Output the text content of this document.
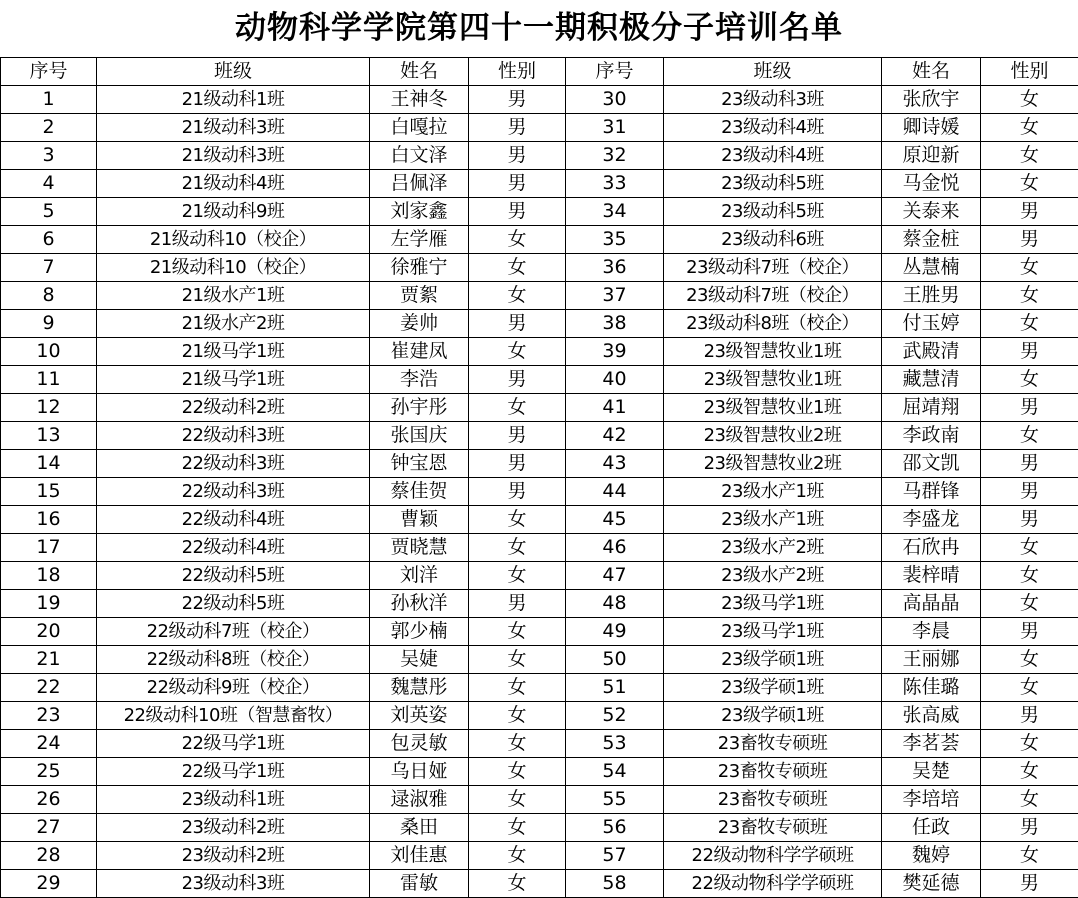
动物科学学院第四十一期积极分子培训名单
序号	班级	姓名	性别	序号	班级	姓名	性别
1	21级动科1班	王神冬	男	30	23级动科3班	张欣宇	女
2	21级动科3班	白嘎拉	男	31	23级动科4班	卿诗媛	女
3	21级动科3班	白文泽	男	32	23级动科4班	原迎新	女
4	21级动科4班	吕佩泽	男	33	23级动科5班	马金悦	女
5	21级动科9班	刘家鑫	男	34	23级动科5班	关泰来	男
6	21级动科10（校企）	左学雁	女	35	23级动科6班	蔡金桩	男
7	21级动科10（校企）	徐雅宁	女	36	23级动科7班（校企）	丛慧楠	女
8	21级水产1班	贾絮	女	37	23级动科7班（校企）	王胜男	女
9	21级水产2班	姜帅	男	38	23级动科8班（校企）	付玉婷	女
10	21级马学1班	崔建凤	女	39	23级智慧牧业1班	武殿清	男
11	21级马学1班	李浩	男	40	23级智慧牧业1班	藏慧清	女
12	22级动科2班	孙宇彤	女	41	23级智慧牧业1班	屈靖翔	男
13	22级动科3班	张国庆	男	42	23级智慧牧业2班	李政南	女
14	22级动科3班	钟宝恩	男	43	23级智慧牧业2班	邵文凯	男
15	22级动科3班	蔡佳贺	男	44	23级水产1班	马群锋	男
16	22级动科4班	曹颖	女	45	23级水产1班	李盛龙	男
17	22级动科4班	贾晓慧	女	46	23级水产2班	石欣冉	女
18	22级动科5班	刘洋	女	47	23级水产2班	裴梓晴	女
19	22级动科5班	孙秋洋	男	48	23级马学1班	高晶晶	女
20	22级动科7班（校企）	郭少楠	女	49	23级马学1班	李晨	男
21	22级动科8班（校企）	吴婕	女	50	23级学硕1班	王丽娜	女
22	22级动科9班（校企）	魏慧彤	女	51	23级学硕1班	陈佳璐	女
23	22级动科10班（智慧畜牧）	刘英姿	女	52	23级学硕1班	张高威	男
24	22级马学1班	包灵敏	女	53	23畜牧专硕班	李茗荟	女
25	22级马学1班	乌日娅	女	54	23畜牧专硕班	吴楚	女
26	23级动科1班	逯淑雅	女	55	23畜牧专硕班	李培培	女
27	23级动科2班	桑田	女	56	23畜牧专硕班	任政	男
28	23级动科2班	刘佳惠	女	57	22级动物科学学硕班	魏婷	女
29	23级动科3班	雷敏	女	58	22级动物科学学硕班	樊延德	男
